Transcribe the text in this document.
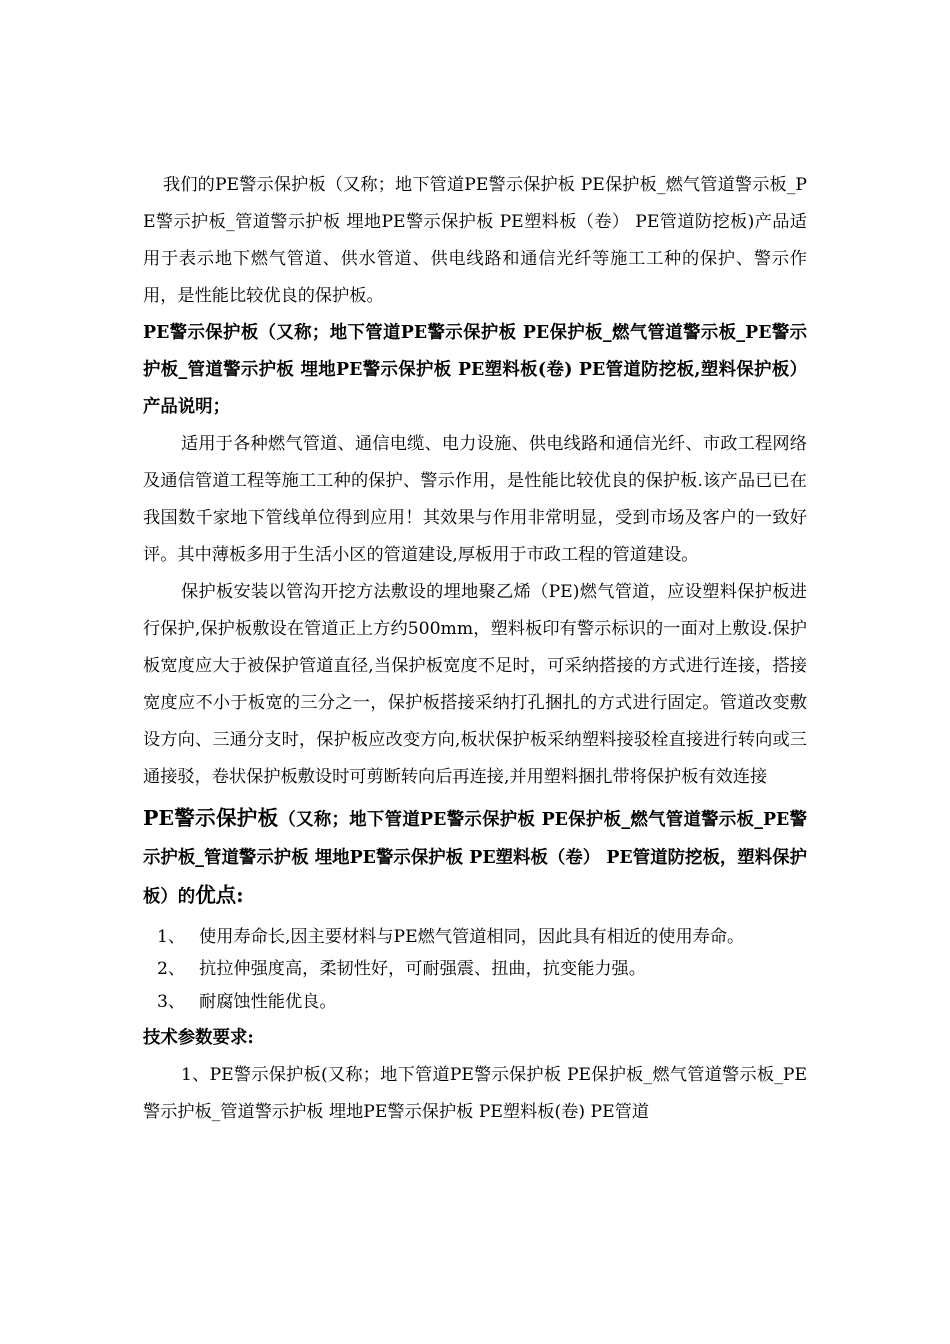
我们的PE警示保护板（又称；地下管道PE警示保护板 PE保护板_燃气管道警示板_PE警示护板_管道警示护板 埋地PE警示保护板 PE塑料板（卷） PE管道防挖板)产品适用于表示地下燃气管道、供水管道、供电线路和通信光纤等施工工种的保护、警示作用，是性能比较优良的保护板。

PE警示保护板（又称；地下管道PE警示保护板 PE保护板_燃气管道警示板_PE警示护板_管道警示护板 埋地PE警示保护板 PE塑料板(卷) PE管道防挖板,塑料保护板）产品说明；

适用于各种燃气管道、通信电缆、电力设施、供电线路和通信光纤、市政工程网络及通信管道工程等施工工种的保护、警示作用，是性能比较优良的保护板.该产品已已在我国数千家地下管线单位得到应用！其效果与作用非常明显，受到市场及客户的一致好评。其中薄板多用于生活小区的管道建设,厚板用于市政工程的管道建设。

保护板安装以管沟开挖方法敷设的埋地聚乙烯（PE)燃气管道，应设塑料保护板进行保护,保护板敷设在管道正上方约500mm，塑料板印有警示标识的一面对上敷设.保护板宽度应大于被保护管道直径,当保护板宽度不足时，可采纳搭接的方式进行连接，搭接宽度应不小于板宽的三分之一，保护板搭接采纳打孔捆扎的方式进行固定。管道改变敷设方向、三通分支时，保护板应改变方向,板状保护板采纳塑料接驳栓直接进行转向或三通接驳，卷状保护板敷设时可剪断转向后再连接,并用塑料捆扎带将保护板有效连接

PE警示保护板（又称；地下管道PE警示保护板 PE保护板_燃气管道警示板_PE警示护板_管道警示护板 埋地PE警示保护板 PE塑料板（卷） PE管道防挖板，塑料保护板）的优点:

1、 使用寿命长,因主要材料与PE燃气管道相同，因此具有相近的使用寿命。
2、 抗拉伸强度高，柔韧性好，可耐强震、扭曲，抗变能力强。
3、 耐腐蚀性能优良。

技术参数要求:

1、PE警示保护板(又称；地下管道PE警示保护板 PE保护板_燃气管道警示板_PE警示护板_管道警示护板 埋地PE警示保护板 PE塑料板(卷) PE管道
